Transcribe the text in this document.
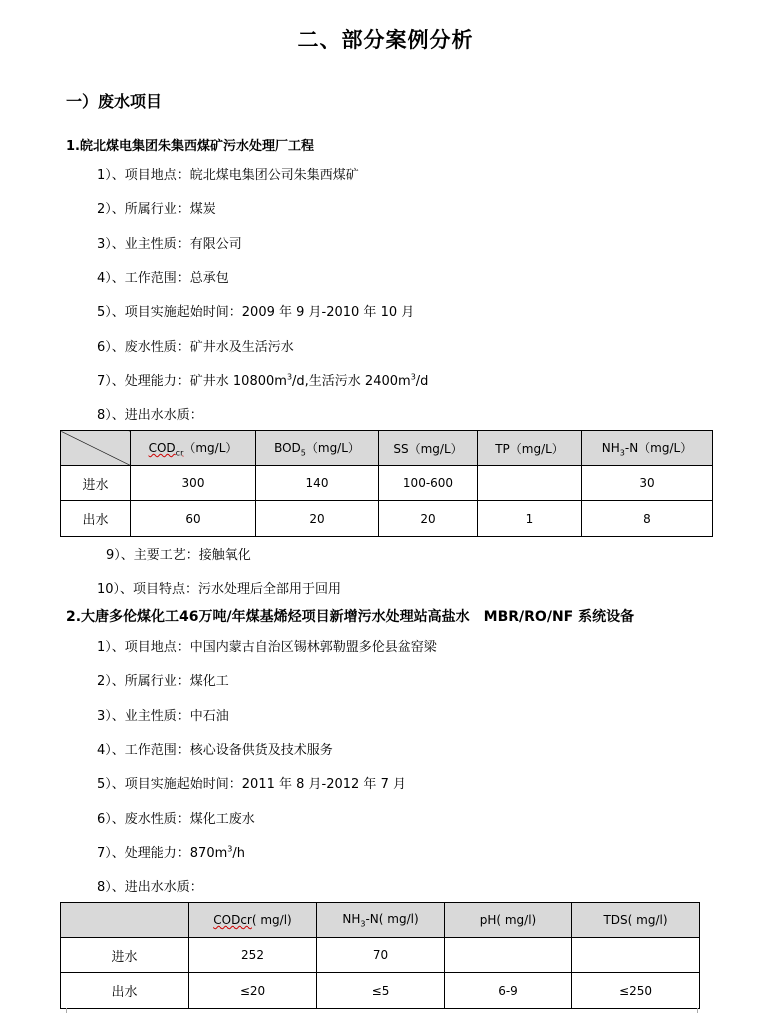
二、部分案例分析
一）废水项目
1.皖北煤电集团朱集西煤矿污水处理厂工程
1）、项目地点：皖北煤电集团公司朱集西煤矿
2）、所属行业：煤炭
3）、业主性质：有限公司
4）、工作范围：总承包
5）、项目实施起始时间：2009 年 9 月-2010 年 10 月
6）、废水性质：矿井水及生活污水
7）、处理能力：矿井水 $10800m^3/d$,生活污水 $2400m^3/d$
8）、进出水水质：
	$COD_{cr}(mg/L)$	$BOD_5(mg/L)$	SS（mg/L）	TP（mg/L）	$NH_3-N(mg/L)$
进水	300	140	100-600		30
出水	60	20	20	1	8
9）、主要工艺：接触氧化
10）、项目特点：污水处理后全部用于回用
2.大唐多伦煤化工46万吨/年煤基烯烃项目新增污水处理站高盐水　MBR/RO/NF 系统设备
1）、项目地点：中国内蒙古自治区锡林郭勒盟多伦县盆窑梁
2）、所属行业：煤化工
3）、业主性质：中石油
4）、工作范围：核心设备供货及技术服务
5）、项目实施起始时间：2011 年 8 月-2012 年 7 月
6）、废水性质：煤化工废水
7）、处理能力：$870m^3/h$
8）、进出水水质：
	CODcr( mg/l)	$NH_3-N$( mg/l)	pH( mg/l)	TDS( mg/l)
进水	252	70		
出水	≤20	≤5	6-9	≤250
